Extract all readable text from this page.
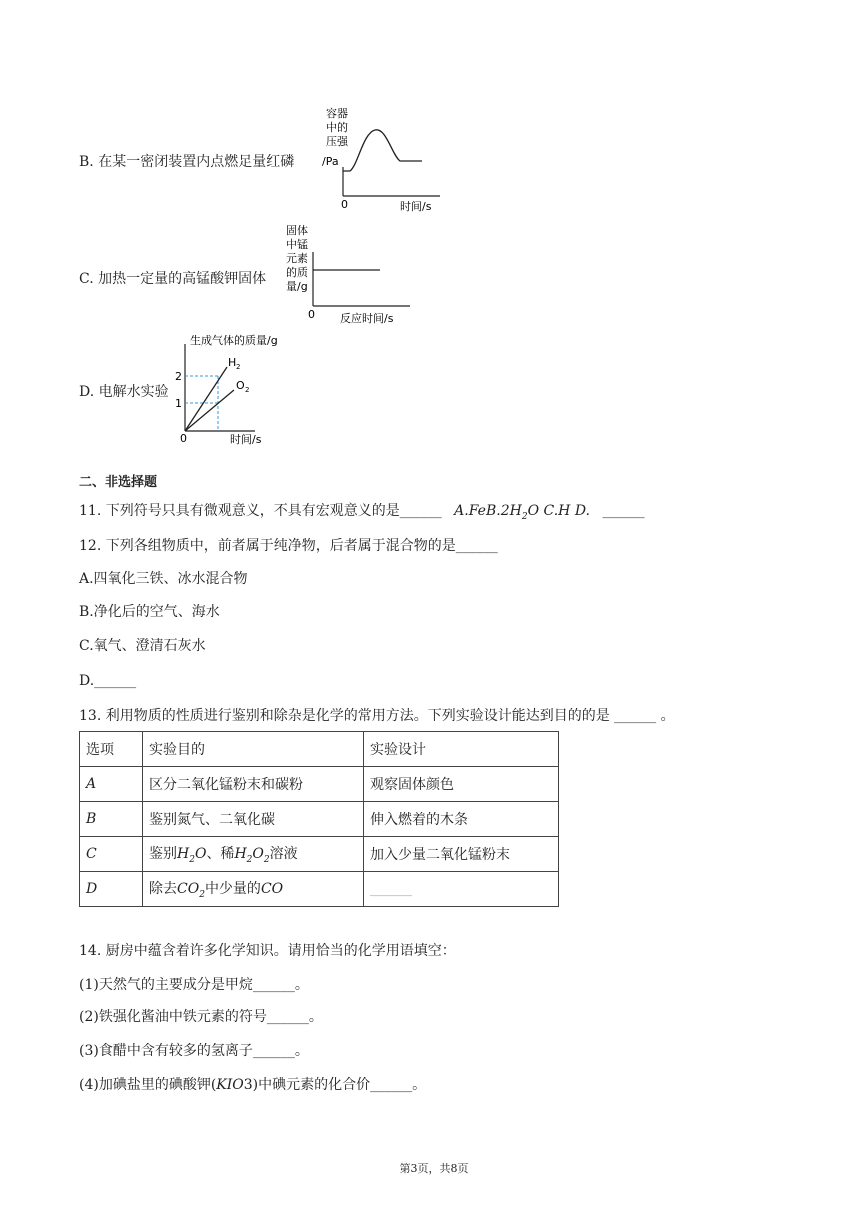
B. 在某一密闭装置内点燃足量红磷
容器
中的
压强
/Pa
0	时间/s
C. 加热一定量的高锰酸钾固体
固体
中锰
元素
的质
量/g
0 反应时间/s
D. 电解水实验
生成气体的质量/g
2
1
0
H 2
O 2
时间/s
二、非选择题
11. 下列符号只具有微观意义，不具有宏观意义的是______ $A.FeB.2H_2O$ C.H D. ______
12. 下列各组物质中，前者属于纯净物，后者属于混合物的是______
A.四氧化三铁、冰水混合物
B.净化后的空气、海水
C.氧气、澄清石灰水
D.______
13. 利用物质的性质进行鉴别和除杂是化学的常用方法。下列实验设计能达到目的的是 ______ 。
选项	实验目的	实验设计
A	区分二氧化锰粉末和碳粉	观察固体颜色
B	鉴别氮气、二氧化碳	伸入燃着的木条
C	鉴别$H_2O$、稀$H_2O_2$溶液	加入少量二氧化锰粉末
D	除去$CO_2$中少量的CO	______
14. 厨房中蕴含着许多化学知识。请用恰当的化学用语填空：
(1)天然气的主要成分是甲烷______。
(2)铁强化酱油中铁元素的符号______。
(3)食醋中含有较多的氢离子______。
(4)加碘盐里的碘酸钾(KIO3)中碘元素的化合价______。
第3页，共8页
